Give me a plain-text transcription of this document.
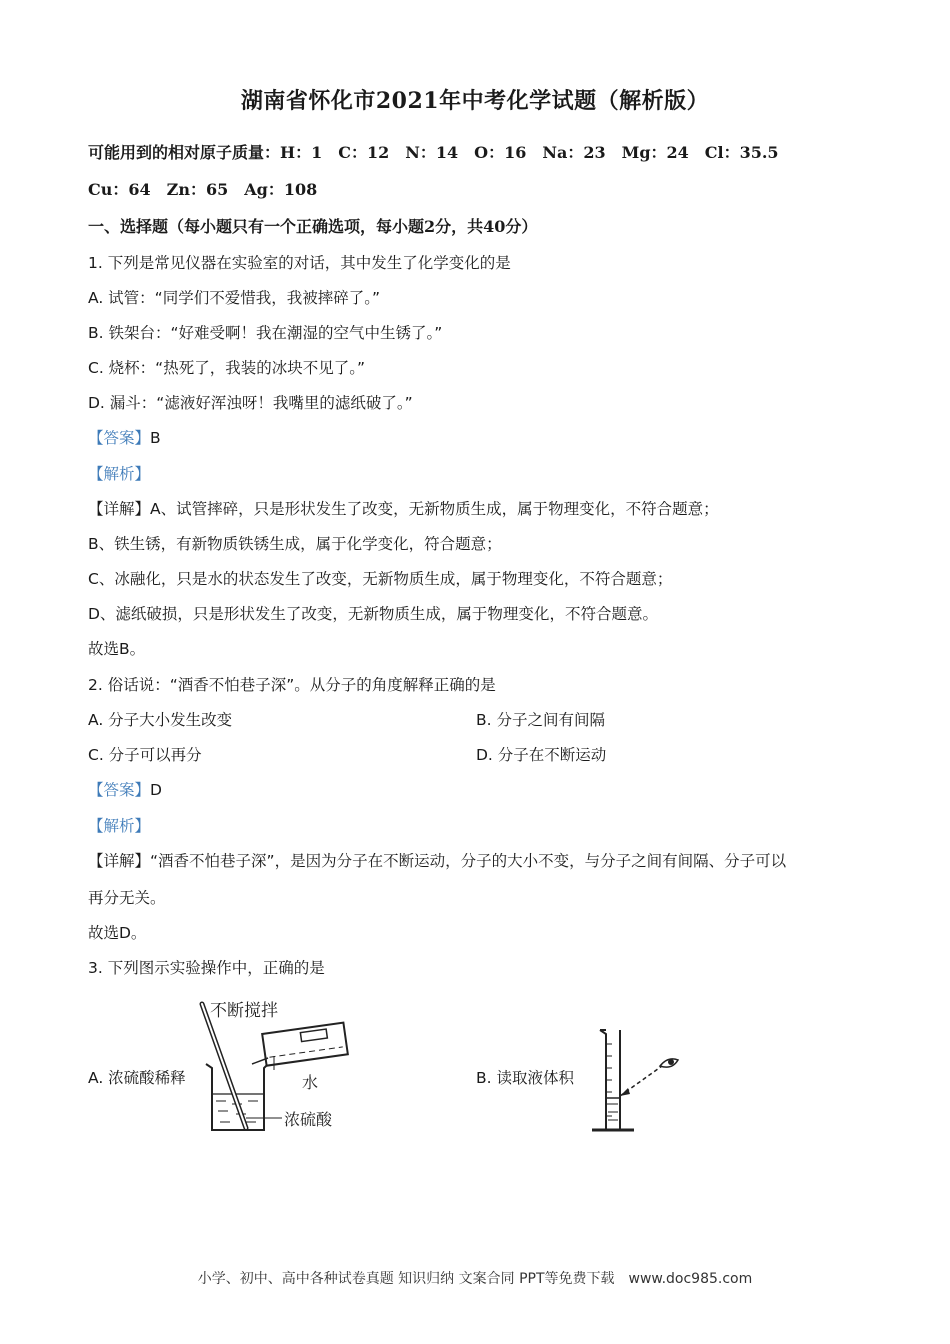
湖南省怀化市2021年中考化学试题（解析版）
可能用到的相对原子质量：H：1　C：12　N：14　O：16　Na：23　Mg：24　Cl：35.5
Cu：64　Zn：65　Ag：108
一、选择题（每小题只有一个正确选项，每小题2分，共40分）
1. 下列是常见仪器在实验室的对话，其中发生了化学变化的是
A. 试管：“同学们不爱惜我，我被摔碎了。”
B. 铁架台：“好难受啊！我在潮湿的空气中生锈了。”
C. 烧杯：“热死了，我装的冰块不见了。”
D. 漏斗：“滤液好浑浊呀！我嘴里的滤纸破了。”
【答案】B
【解析】
【详解】A、试管摔碎，只是形状发生了改变，无新物质生成，属于物理变化，不符合题意；
B、铁生锈，有新物质铁锈生成，属于化学变化，符合题意；
C、冰融化，只是水的状态发生了改变，无新物质生成，属于物理变化，不符合题意；
D、滤纸破损，只是形状发生了改变，无新物质生成，属于物理变化，不符合题意。
故选B。
2. 俗话说：“酒香不怕巷子深”。从分子的角度解释正确的是
A. 分子大小发生改变	B. 分子之间有间隔
C. 分子可以再分	D. 分子在不断运动
【答案】D
【解析】
【详解】“酒香不怕巷子深”，是因为分子在不断运动，分子的大小不变，与分子之间有间隔、分子可以
再分无关。
故选D。
3. 下列图示实验操作中，正确的是
A. 浓硫酸稀释	B. 读取液体积
不断搅拌
水
浓硫酸
小学、初中、高中各种试卷真题 知识归纳 文案合同 PPT等免费下载 www.doc985.com
